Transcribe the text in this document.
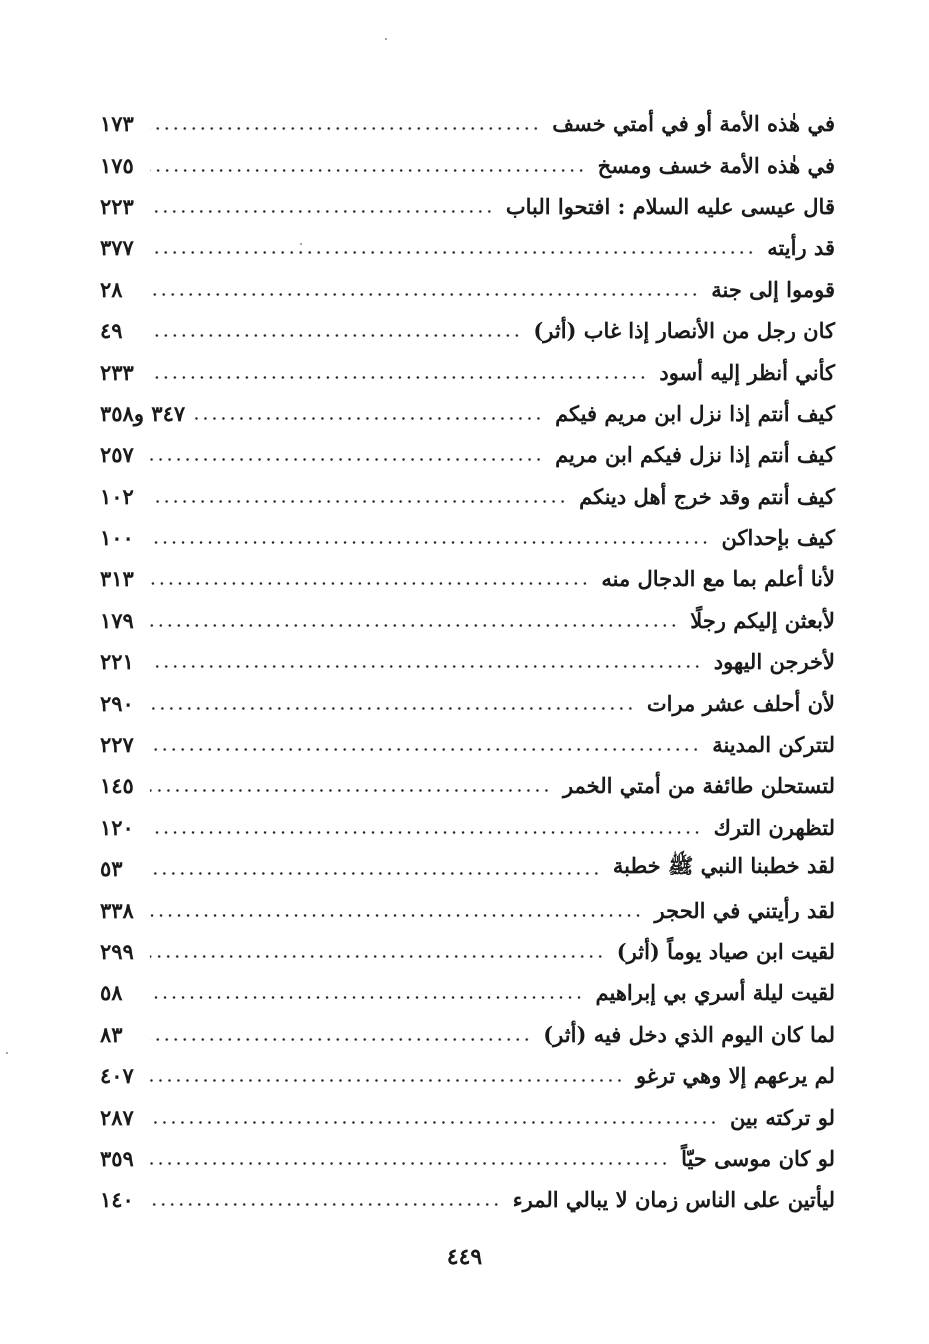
في هٰذه الأمة أو في أمتي خسف
١٧٣
في هٰذه الأمة خسف ومسخ
١٧٥
قال عيسى عليه السلام : افتحوا الباب
٢٢٣
قد رأيته
٣٧٧
قوموا إلى جنة
٢٨
كان رجل من الأنصار إذا غاب (أثر)
٤٩
كأني أنظر إليه أسود
٢٣٣
كيف أنتم إذا نزل ابن مريم فيكم
٣٤٧ و٣٥٨
كيف أنتم إذا نزل فيكم ابن مريم
٢٥٧
كيف أنتم وقد خرج أهل دينكم
١٠٢
كيف بإحداكن
١٠٠
لأنا أعلم بما مع الدجال منه
٣١٣
لأبعثن إليكم رجلًا
١٧٩
لأخرجن اليهود
٢٢١
لأن أحلف عشر مرات
٢٩٠
لتتركن المدينة
٢٢٧
لتستحلن طائفة من أمتي الخمر
١٤٥
لتظهرن الترك
١٢٠
لقد خطبنا النبي ﷺ خطبة
٥٣
لقد رأيتني في الحجر
٣٣٨
لقيت ابن صياد يوماً (أثر)
٢٩٩
لقيت ليلة أسري بي إبراهيم
٥٨
لما كان اليوم الذي دخل فيه (أثر)
٨٣
لم يرعهم إلا وهي ترغو
٤٠٧
لو تركته بين
٢٨٧
لو كان موسى حيّاً
٣٥٩
ليأتين على الناس زمان لا يبالي المرء
١٤٠
٤٤٩
